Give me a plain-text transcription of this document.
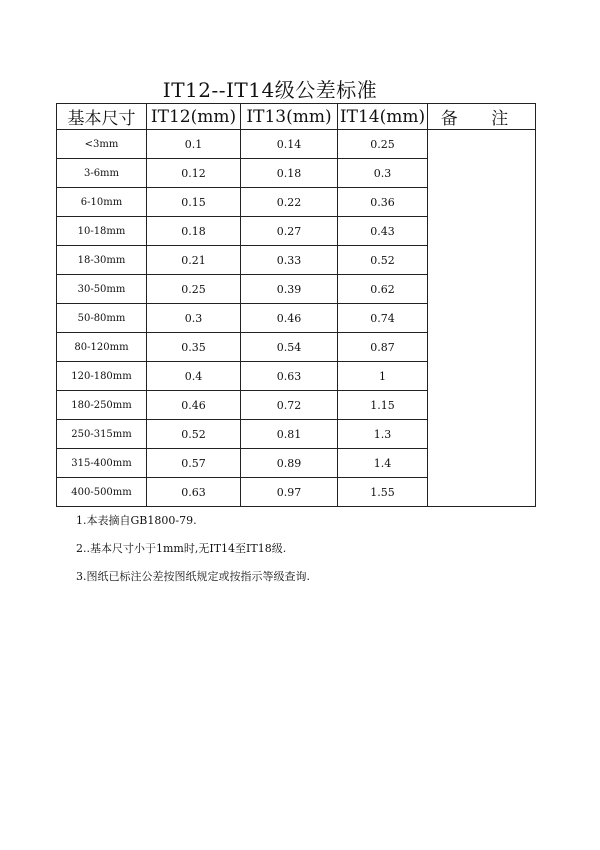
IT12--IT14级公差标准
基本尺寸	IT12(mm)	IT13(mm)	IT14(mm)	备 注
<3mm	0.1	0.14	0.25	
3-6mm	0.12	0.18	0.3	
6-10mm	0.15	0.22	0.36	
10-18mm	0.18	0.27	0.43	
18-30mm	0.21	0.33	0.52	
30-50mm	0.25	0.39	0.62	
50-80mm	0.3	0.46	0.74	
80-120mm	0.35	0.54	0.87	
120-180mm	0.4	0.63	1	
180-250mm	0.46	0.72	1.15	
250-315mm	0.52	0.81	1.3	
315-400mm	0.57	0.89	1.4	
400-500mm	0.63	0.97	1.55	
1.本表摘自GB1800-79.
2..基本尺寸小于1mm时,无IT14至IT18级.
3.图纸已标注公差按图纸规定或按指示等级查询.
